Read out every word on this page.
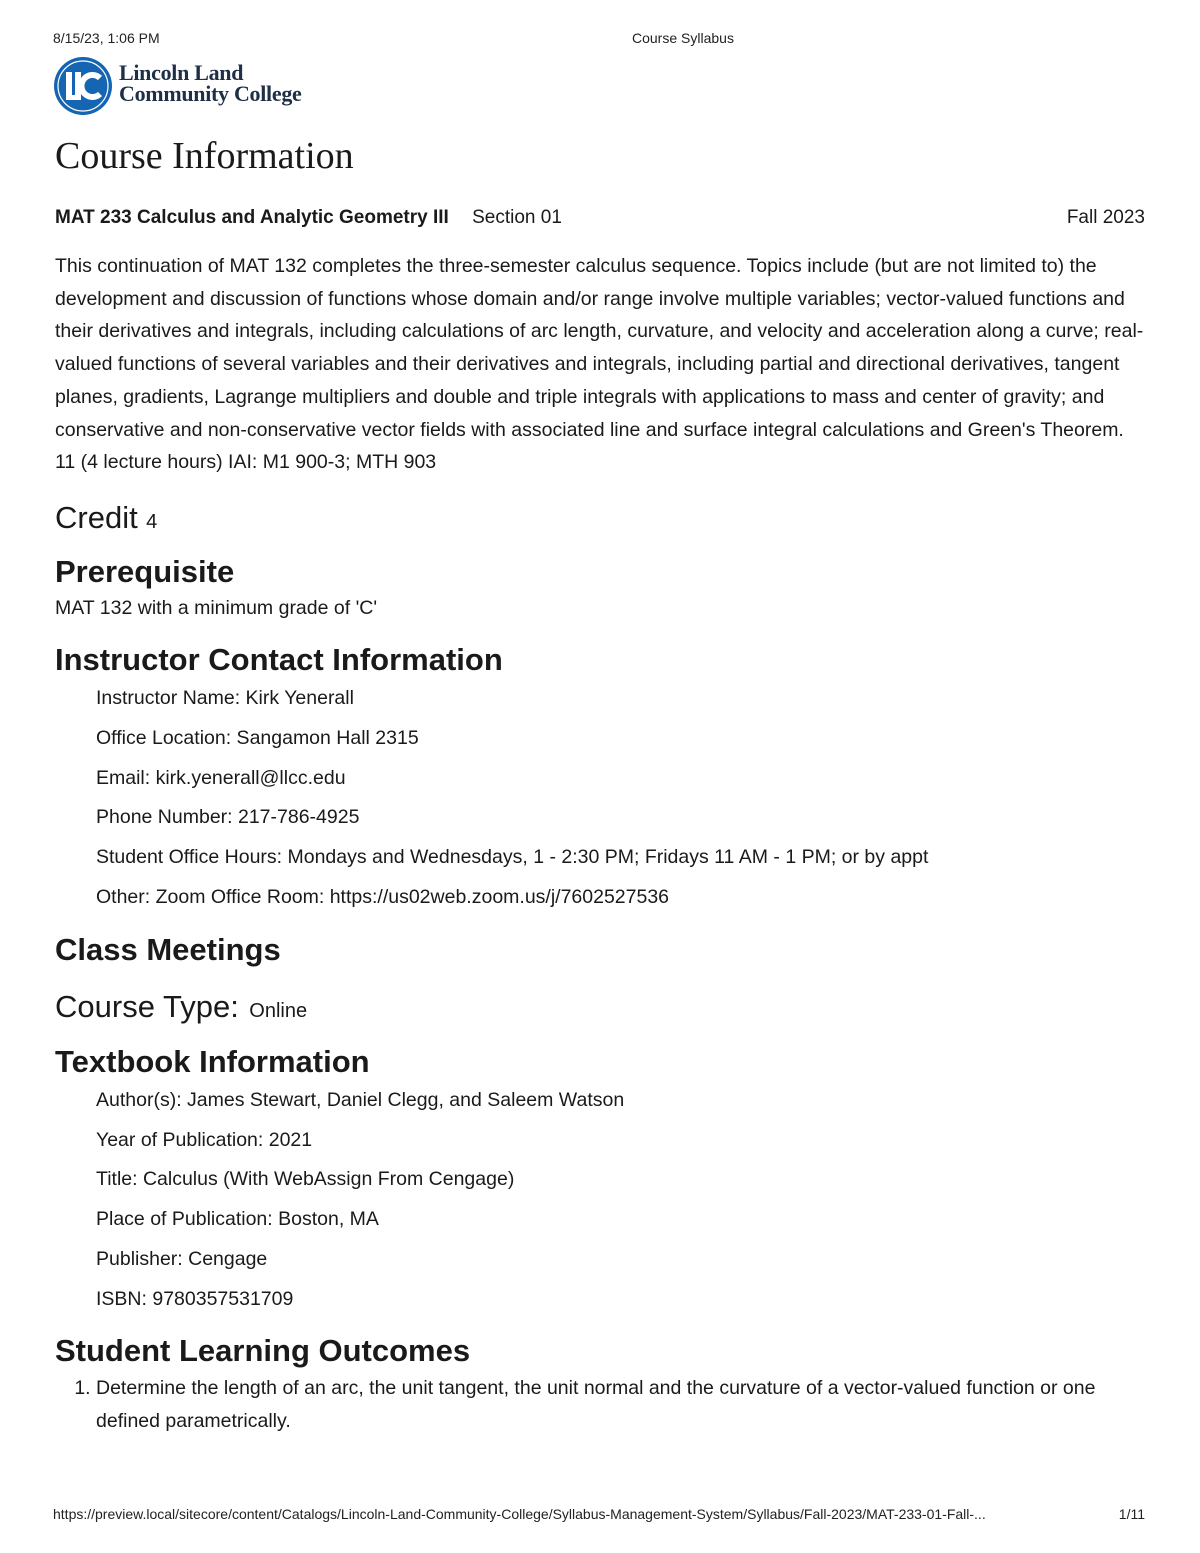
8/15/23, 1:06 PM	Course Syllabus
Lincoln Land
Community College
Course Information
MAT 233 Calculus and Analytic Geometry III Section 01	Fall 2023

This continuation of MAT 132 completes the three-semester calculus sequence. Topics include (but are not limited to) the development and discussion of functions whose domain and/or range involve multiple variables; vector-valued functions and their derivatives and integrals, including calculations of arc length, curvature, and velocity and acceleration along a curve; real-valued functions of several variables and their derivatives and integrals, including partial and directional derivatives, tangent planes, gradients, Lagrange multipliers and double and triple integrals with applications to mass and center of gravity; and conservative and non-conservative vector fields with associated line and surface integral calculations and Green's Theorem. 11 (4 lecture hours) IAI: M1 900-3; MTH 903

Credit 4
Prerequisite

MAT 132 with a minimum grade of 'C'

Instructor Contact Information
Instructor Name: Kirk Yenerall
Office Location: Sangamon Hall 2315
Email: kirk.yenerall@llcc.edu
Phone Number: 217-786-4925
Student Office Hours: Mondays and Wednesdays, 1 - 2:30 PM; Fridays 11 AM - 1 PM; or by appt
Other: Zoom Office Room: https://us02web.zoom.us/j/7602527536
Class Meetings
Course Type: Online
Textbook Information
Author(s): James Stewart, Daniel Clegg, and Saleem Watson
Year of Publication: 2021
Title: Calculus (With WebAssign From Cengage)
Place of Publication: Boston, MA
Publisher: Cengage
ISBN: 9780357531709
Student Learning Outcomes
1. Determine the length of an arc, the unit tangent, the unit normal and the curvature of a vector-valued function or one defined parametrically.
https://preview.local/sitecore/content/Catalogs/Lincoln-Land-Community-College/Syllabus-Management-System/Syllabus/Fall-2023/MAT-233-01-Fall-...	1/11
